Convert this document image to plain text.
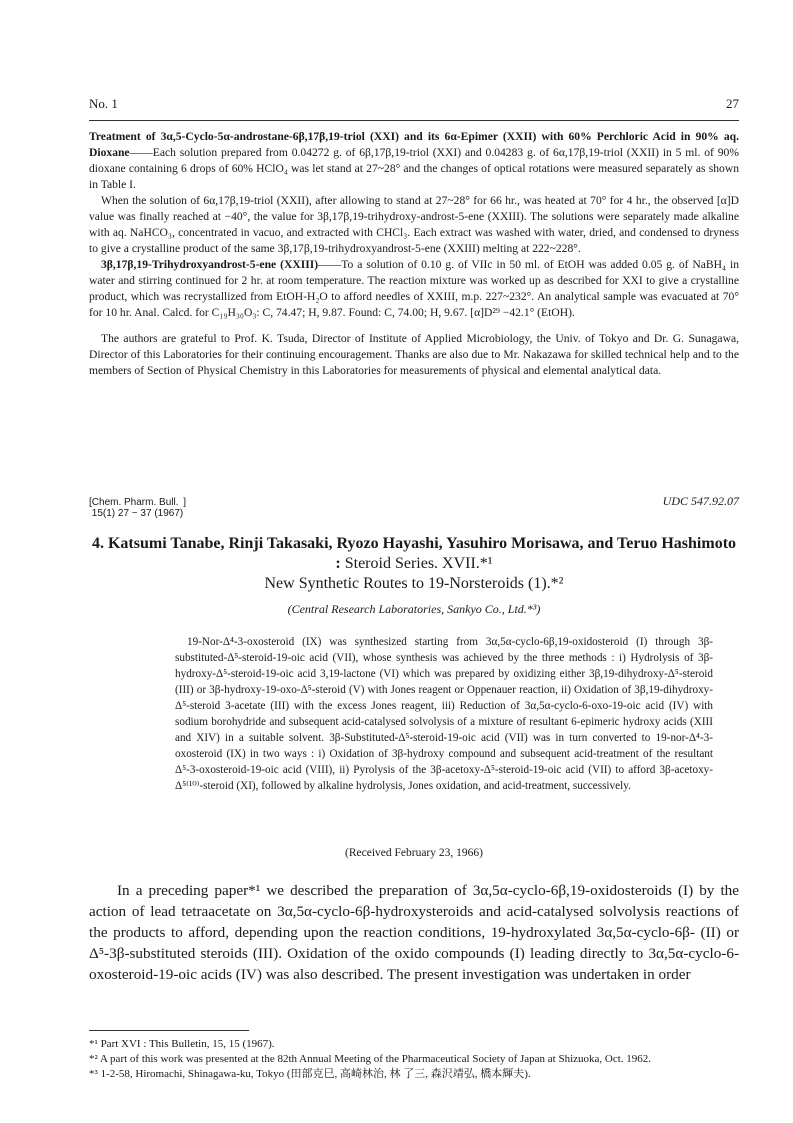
No. 1	27

Treatment of 3α,5-Cyclo-5α-androstane-6β,17β,19-triol (XXI) and its 6α-Epimer (XXII) with 60% Perchloric Acid in 90% aq. Dioxane——Each solution prepared from 0.04272 g. of 6β,17β,19-triol (XXI) and 0.04283 g. of 6α,17β,19-triol (XXII) in 5 ml. of 90% dioxane containing 6 drops of 60% HClO₄ was let stand at 27~28° and the changes of optical rotations were measured separately as shown in Table I.

When the solution of 6α,17β,19-triol (XXII), after allowing to stand at 27~28° for 66 hr., was heated at 70° for 4 hr., the observed [α]D value was finally reached at −40°, the value for 3β,17β,19-trihydroxy-androst-5-ene (XXIII). The solutions were separately made alkaline with aq. NaHCO₃, concentrated in vacuo, and extracted with CHCl₃. Each extract was washed with water, dried, and condensed to dryness to give a crystalline product of the same 3β,17β,19-trihydroxyandrost-5-ene (XXIII) melting at 222~228°.

3β,17β,19-Trihydroxyandrost-5-ene (XXIII)——To a solution of 0.10 g. of VIIc in 50 ml. of EtOH was added 0.05 g. of NaBH₄ in water and stirring continued for 2 hr. at room temperature. The reaction mixture was worked up as described for XXI to give a crystalline product, which was recrystallized from EtOH-H₂O to afford needles of XXIII, m.p. 227~232°. An analytical sample was evacuated at 70° for 10 hr. Anal. Calcd. for C₁₉H₃₀O₃: C, 74.47; H, 9.87. Found: C, 74.00; H, 9.67. [α]D²⁹ −42.1° (EtOH).

The authors are grateful to Prof. K. Tsuda, Director of Institute of Applied Microbiology, the Univ. of Tokyo and Dr. G. Sunagawa, Director of this Laboratories for their continuing encouragement. Thanks are also due to Mr. Nakazawa for skilled technical help and to the members of Section of Physical Chemistry in this Laboratories for measurements of physical and elemental analytical data.

[Chem. Pharm. Bull.
15(1) 27 ~ 37 (1967)]	UDC 547.92.07
4. Katsumi Tanabe, Rinji Takasaki, Ryozo Hayashi, Yasuhiro Morisawa, and Teruo Hashimoto : Steroid Series. XVII.*¹
New Synthetic Routes to 19-Norsteroids (1).*²
(Central Research Laboratories, Sankyo Co., Ltd.*³)
19-Nor-Δ⁴-3-oxosteroid (IX) was synthesized starting from 3α,5α-cyclo-6β,19-oxidosteroid (I) through 3β-substituted-Δ⁵-steroid-19-oic acid (VII), whose synthesis was achieved by the three methods : i) Hydrolysis of 3β-hydroxy-Δ⁵-steroid-19-oic acid 3,19-lactone (VI) which was prepared by oxidizing either 3β,19-dihydroxy-Δ⁵-steroid (III) or 3β-hydroxy-19-oxo-Δ⁵-steroid (V) with Jones reagent or Oppenauer reaction, ii) Oxidation of 3β,19-dihydroxy-Δ⁵-steroid 3-acetate (III) with the excess Jones reagent, iii) Reduction of 3α,5α-cyclo-6-oxo-19-oic acid (IV) with sodium borohydride and subsequent acid-catalysed solvolysis of a mixture of resultant 6-epimeric hydroxy acids (XIII and XIV) in a suitable solvent. 3β-Substituted-Δ⁵-steroid-19-oic acid (VII) was in turn converted to 19-nor-Δ⁴-3-oxosteroid (IX) in two ways : i) Oxidation of 3β-hydroxy compound and subsequent acid-treatment of the resultant Δ⁵-3-oxosteroid-19-oic acid (VIII), ii) Pyrolysis of the 3β-acetoxy-Δ⁵-steroid-19-oic acid (VII) to afford 3β-acetoxy-Δ⁵⁽¹⁰⁾-steroid (XI), followed by alkaline hydrolysis, Jones oxidation, and acid-treatment, successively.
(Received February 23, 1966)
In a preceding paper*¹ we described the preparation of 3α,5α-cyclo-6β,19-oxidosteroids (I) by the action of lead tetraacetate on 3α,5α-cyclo-6β-hydroxysteroids and acid-catalysed solvolysis reactions of the products to afford, depending upon the reaction conditions, 19-hydroxylated 3α,5α-cyclo-6β- (II) or Δ⁵-3β-substituted steroids (III). Oxidation of the oxido compounds (I) leading directly to 3α,5α-cyclo-6-oxosteroid-19-oic acids (IV) was also described. The present investigation was undertaken in order
*¹ Part XVI : This Bulletin, 15, 15 (1967).
*² A part of this work was presented at the 82th Annual Meeting of the Pharmaceutical Society of Japan at Shizuoka, Oct. 1962.
*³ 1-2-58, Hiromachi, Shinagawa-ku, Tokyo (田部克巳, 高崎林治, 林 了三, 森沢靖弘, 橋本輝夫).
